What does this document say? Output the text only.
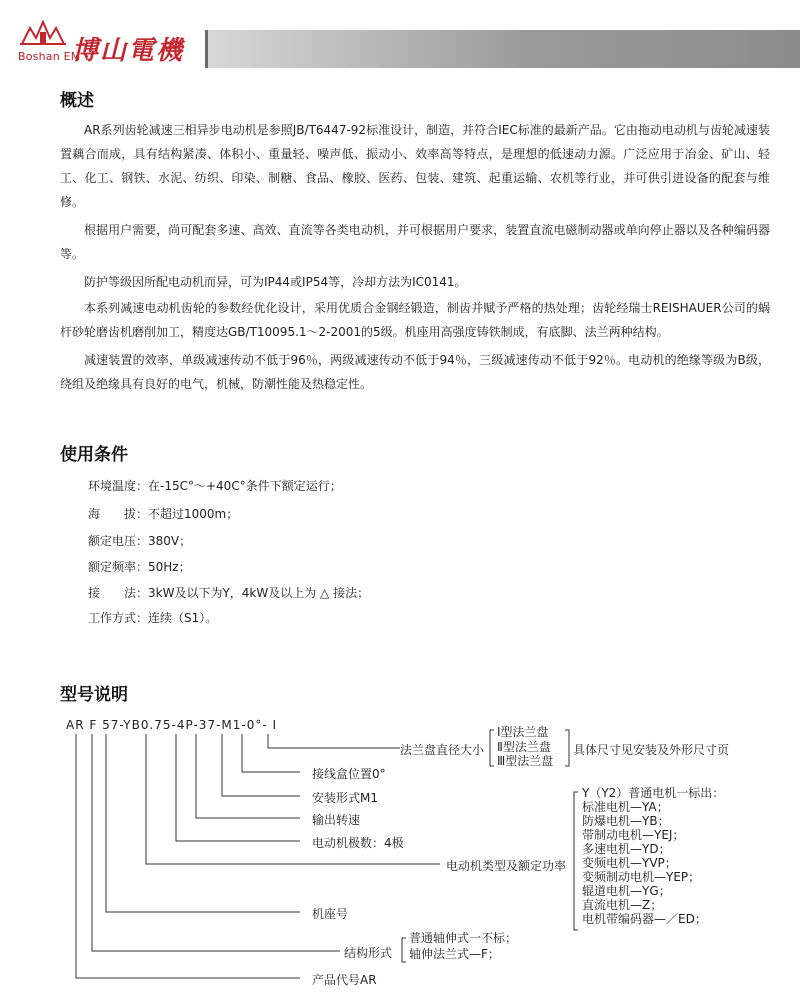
Boshan EM
博山電機
概述
AR系列齿轮减速三相异步电动机是参照JB/T6447-92标准设计，制造，并符合IEC标准的最新产品。它由拖动电动机与齿轮减速装置藕合而成，具有结构紧凑、体积小、重量轻、噪声低、振动小、效率高等特点，是理想的低速动力源。广泛应用于冶金、矿山、轻工、化工、钢铁、水泥、纺织、印染、制糖、食品、橡胶、医药、包装、建筑、起重运输、农机等行业，并可供引进设备的配套与维修。
根据用户需要，尚可配套多速、高效、直流等各类电动机，并可根据用户要求，装置直流电磁制动器或单向停止器以及各种编码器等。
防护等级因所配电动机而异，可为IP44或IP54等，冷却方法为IC0141。
本系列减速电动机齿轮的参数经优化设计，采用优质合金钢经锻造，制齿并赋予严格的热处理；齿轮经瑞士REISHAUER公司的蜗杆砂轮磨齿机磨削加工，精度达GB/T10095.1～2-2001的5级。机座用高强度铸铁制成，有底脚、法兰两种结构。
减速装置的效率，单级减速传动不低于96％，两级减速传动不低于94％，三级减速传动不低于92％。电动机的绝缘等级为B级，绕组及绝缘具有良好的电气，机械，防潮性能及热稳定性。
使用条件
环境温度：在-15C°～+40C°条件下额定运行；
海　　拔：不超过1000m；
额定电压：380V；
额定频率：50Hz；
接　　法：3kW及以下为Y，4kW及以上为 △ 接法；
工作方式：连续（S1）。
型号说明
AR F 57-YB0.75-4P-37-M1-0°- Ⅰ
法兰盘直径大小
Ⅰ型法兰盘
Ⅱ型法兰盘
Ⅲ型法兰盘
具体尺寸见安装及外形尺寸页
接线盒位置0°
安装形式M1
输出转速
电动机极数：4极
电动机类型及额定功率
机座号
结构形式
产品代号AR
普通轴伸式一不标；
轴伸法兰式—F；
Y（Y2）普通电机一标出：
标准电机—YA；
防爆电机—YB；
带制动电机—YEJ；
多速电机—YD；
变频电机—YVP；
变频制动电机—YEP；
辊道电机—YG；
直流电机—Z；
电机带编码器—／ED；
